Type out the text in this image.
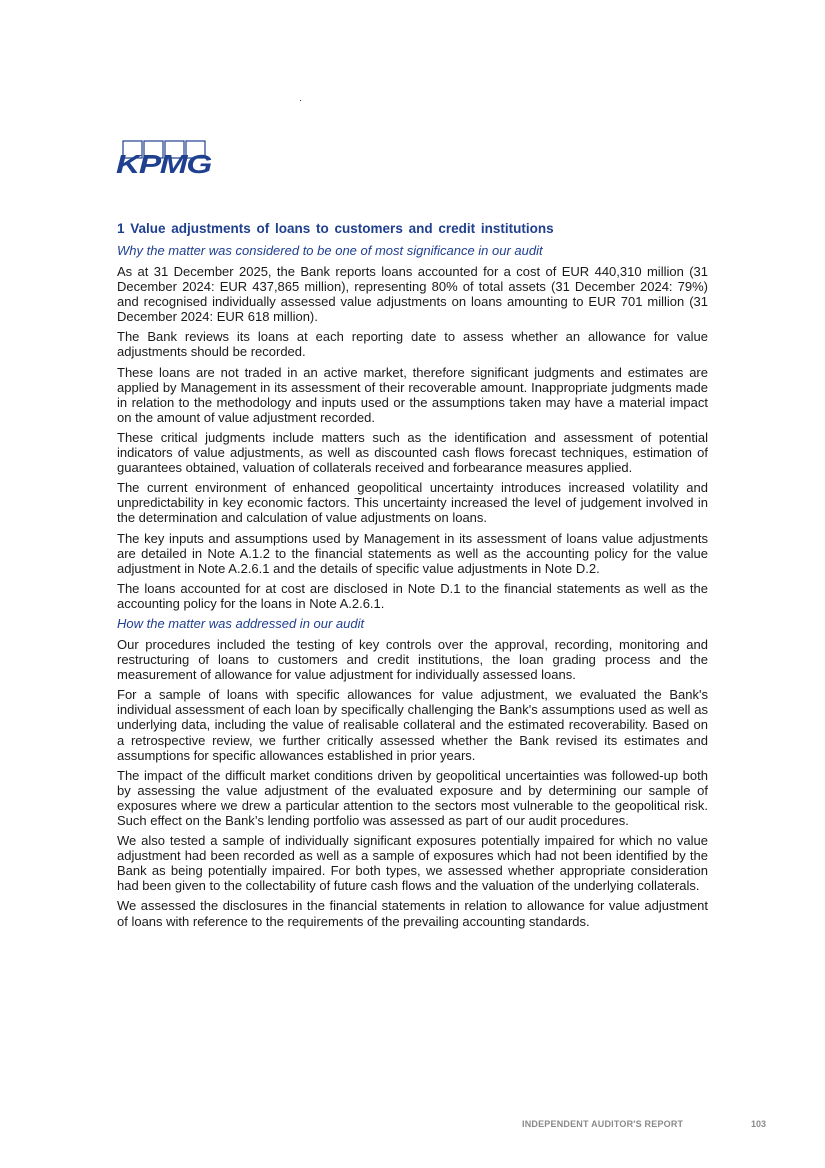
KPMG
1 Value adjustments of loans to customers and credit institutions
Why the matter was considered to be one of most significance in our audit

As at 31 December 2025, the Bank reports loans accounted for a cost of EUR 440,310 million (31 December 2024: EUR 437,865 million), representing 80% of total assets (31 December 2024: 79%) and recognised individually assessed value adjustments on loans amounting to EUR 701 million (31 December 2024: EUR 618 million).

The Bank reviews its loans at each reporting date to assess whether an allowance for value adjustments should be recorded.

These loans are not traded in an active market, therefore significant judgments and estimates are applied by Management in its assessment of their recoverable amount. Inappropriate judgments made in relation to the methodology and inputs used or the assumptions taken may have a material impact on the amount of value adjustment recorded.

These critical judgments include matters such as the identification and assessment of potential indicators of value adjustments, as well as discounted cash flows forecast techniques, estimation of guarantees obtained, valuation of collaterals received and forbearance measures applied.

The current environment of enhanced geopolitical uncertainty introduces increased volatility and unpredictability in key economic factors. This uncertainty increased the level of judgement involved in the determination and calculation of value adjustments on loans.

The key inputs and assumptions used by Management in its assessment of loans value adjustments are detailed in Note A.1.2 to the financial statements as well as the accounting policy for the value adjustment in Note A.2.6.1 and the details of specific value adjustments in Note D.2.

The loans accounted for at cost are disclosed in Note D.1 to the financial statements as well as the accounting policy for the loans in Note A.2.6.1.

How the matter was addressed in our audit

Our procedures included the testing of key controls over the approval, recording, monitoring and restructuring of loans to customers and credit institutions, the loan grading process and the measurement of allowance for value adjustment for individually assessed loans.

For a sample of loans with specific allowances for value adjustment, we evaluated the Bank's individual assessment of each loan by specifically challenging the Bank's assumptions used as well as underlying data, including the value of realisable collateral and the estimated recoverability. Based on a retrospective review, we further critically assessed whether the Bank revised its estimates and assumptions for specific allowances established in prior years.

The impact of the difficult market conditions driven by geopolitical uncertainties was followed-up both by assessing the value adjustment of the evaluated exposure and by determining our sample of exposures where we drew a particular attention to the sectors most vulnerable to the geopolitical risk. Such effect on the Bank’s lending portfolio was assessed as part of our audit procedures.

We also tested a sample of individually significant exposures potentially impaired for which no value adjustment had been recorded as well as a sample of exposures which had not been identified by the Bank as being potentially impaired. For both types, we assessed whether appropriate consideration had been given to the collectability of future cash flows and the valuation of the underlying collaterals.

We assessed the disclosures in the financial statements in relation to allowance for value adjustment of loans with reference to the requirements of the prevailing accounting standards.

INDEPENDENT AUDITOR'S REPORT	103
